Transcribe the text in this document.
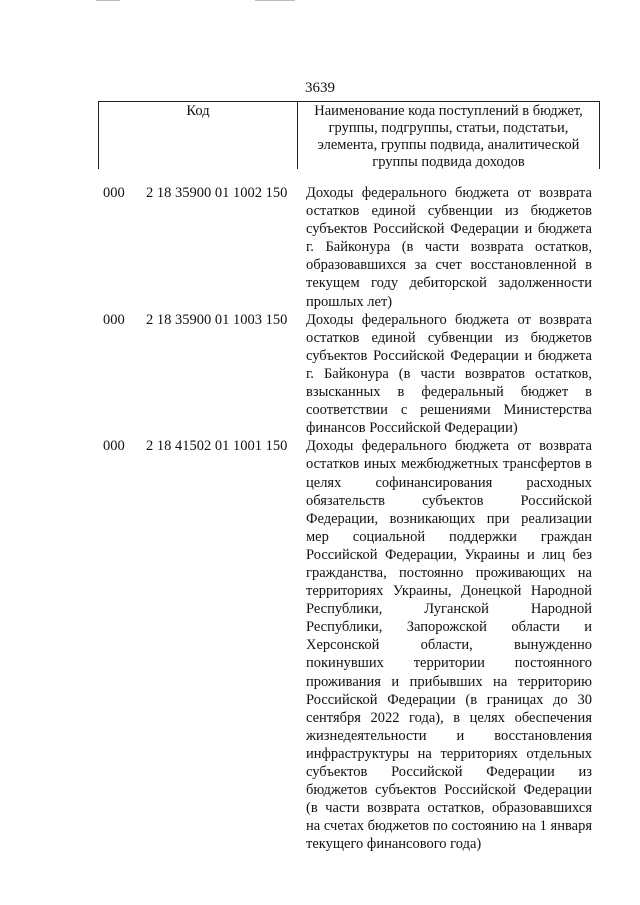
3639
Код	Наименование кода поступлений в бюджет, группы, подгруппы, статьи, подстатьи, элемента, группы подвида, аналитической группы подвида доходов
000 2 18 35900 01 1002 150 Доходы федерального бюджета от возврата остатков единой субвенции из бюджетов субъектов Российской Федерации и бюджета г. Байконура (в части возврата остатков, образовавшихся за счет восстановленной в текущем году дебиторской задолженности прошлых лет)
000 2 18 35900 01 1003 150 Доходы федерального бюджета от возврата остатков единой субвенции из бюджетов субъектов Российской Федерации и бюджета г. Байконура (в части возвратов остатков, взысканных в федеральный бюджет в соответствии с решениями Министерства финансов Российской Федерации)
000 2 18 41502 01 1001 150 Доходы федерального бюджета от возврата остатков иных межбюджетных трансфертов в целях софинансирования расходных обязательств субъектов Российской Федерации, возникающих при реализации мер социальной поддержки граждан Российской Федерации, Украины и лиц без гражданства, постоянно проживающих на территориях Украины, Донецкой Народной Республики, Луганской Народной Республики, Запорожской области и Херсонской области, вынужденно покинувших территории постоянного проживания и прибывших на территорию Российской Федерации (в границах до 30 сентября 2022 года), в целях обеспечения жизнедеятельности и восстановления инфраструктуры на территориях отдельных субъектов Российской Федерации из бюджетов субъектов Российской Федерации (в части возврата остатков, образовавшихся на счетах бюджетов по состоянию на 1 января текущего финансового года)
